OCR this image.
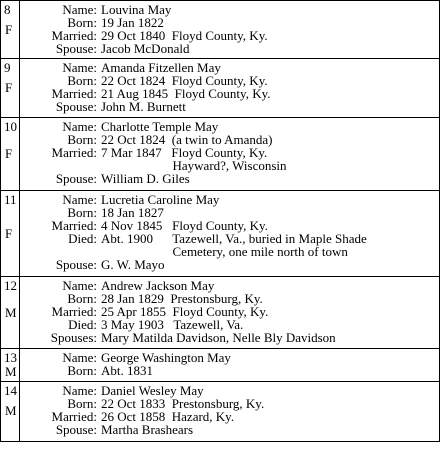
8
F
Name: Louvina May
Born: 19 Jan 1822
Married: 29 Oct 1840  Floyd County, Ky.
Spouse: Jacob McDonald
9
F
Name: Amanda Fitzellen May
Born: 22 Oct 1824  Floyd County, Ky.
Married: 21 Aug 1845  Floyd County, Ky.
Spouse: John M. Burnett
10
F
Name: Charlotte Temple May
Born: 22 Oct 1824  (a twin to Amanda)
Married: 7 Mar 1847   Floyd County, Ky.
Hayward?, Wisconsin
Spouse: William D. Giles
11
F
Name: Lucretia Caroline May
Born: 18 Jan 1827
Married: 4 Nov 1845   Floyd County, Ky.
Died: Abt. 1900      Tazewell, Va., buried in Maple Shade
Cemetery, one mile north of town
Spouse: G. W. Mayo
12
M
Name: Andrew Jackson May
Born: 28 Jan 1829  Prestonsburg, Ky.
Married: 25 Apr 1855  Floyd County, Ky.
Died: 3 May 1903   Tazewell, Va.
Spouses: Mary Matilda Davidson, Nelle Bly Davidson
13
M
Name: George Washington May
Born: Abt. 1831
14
M
Name: Daniel Wesley May
Born: 22 Oct 1833  Prestonsburg, Ky.
Married: 26 Oct 1858  Hazard, Ky.
Spouse: Martha Brashears
